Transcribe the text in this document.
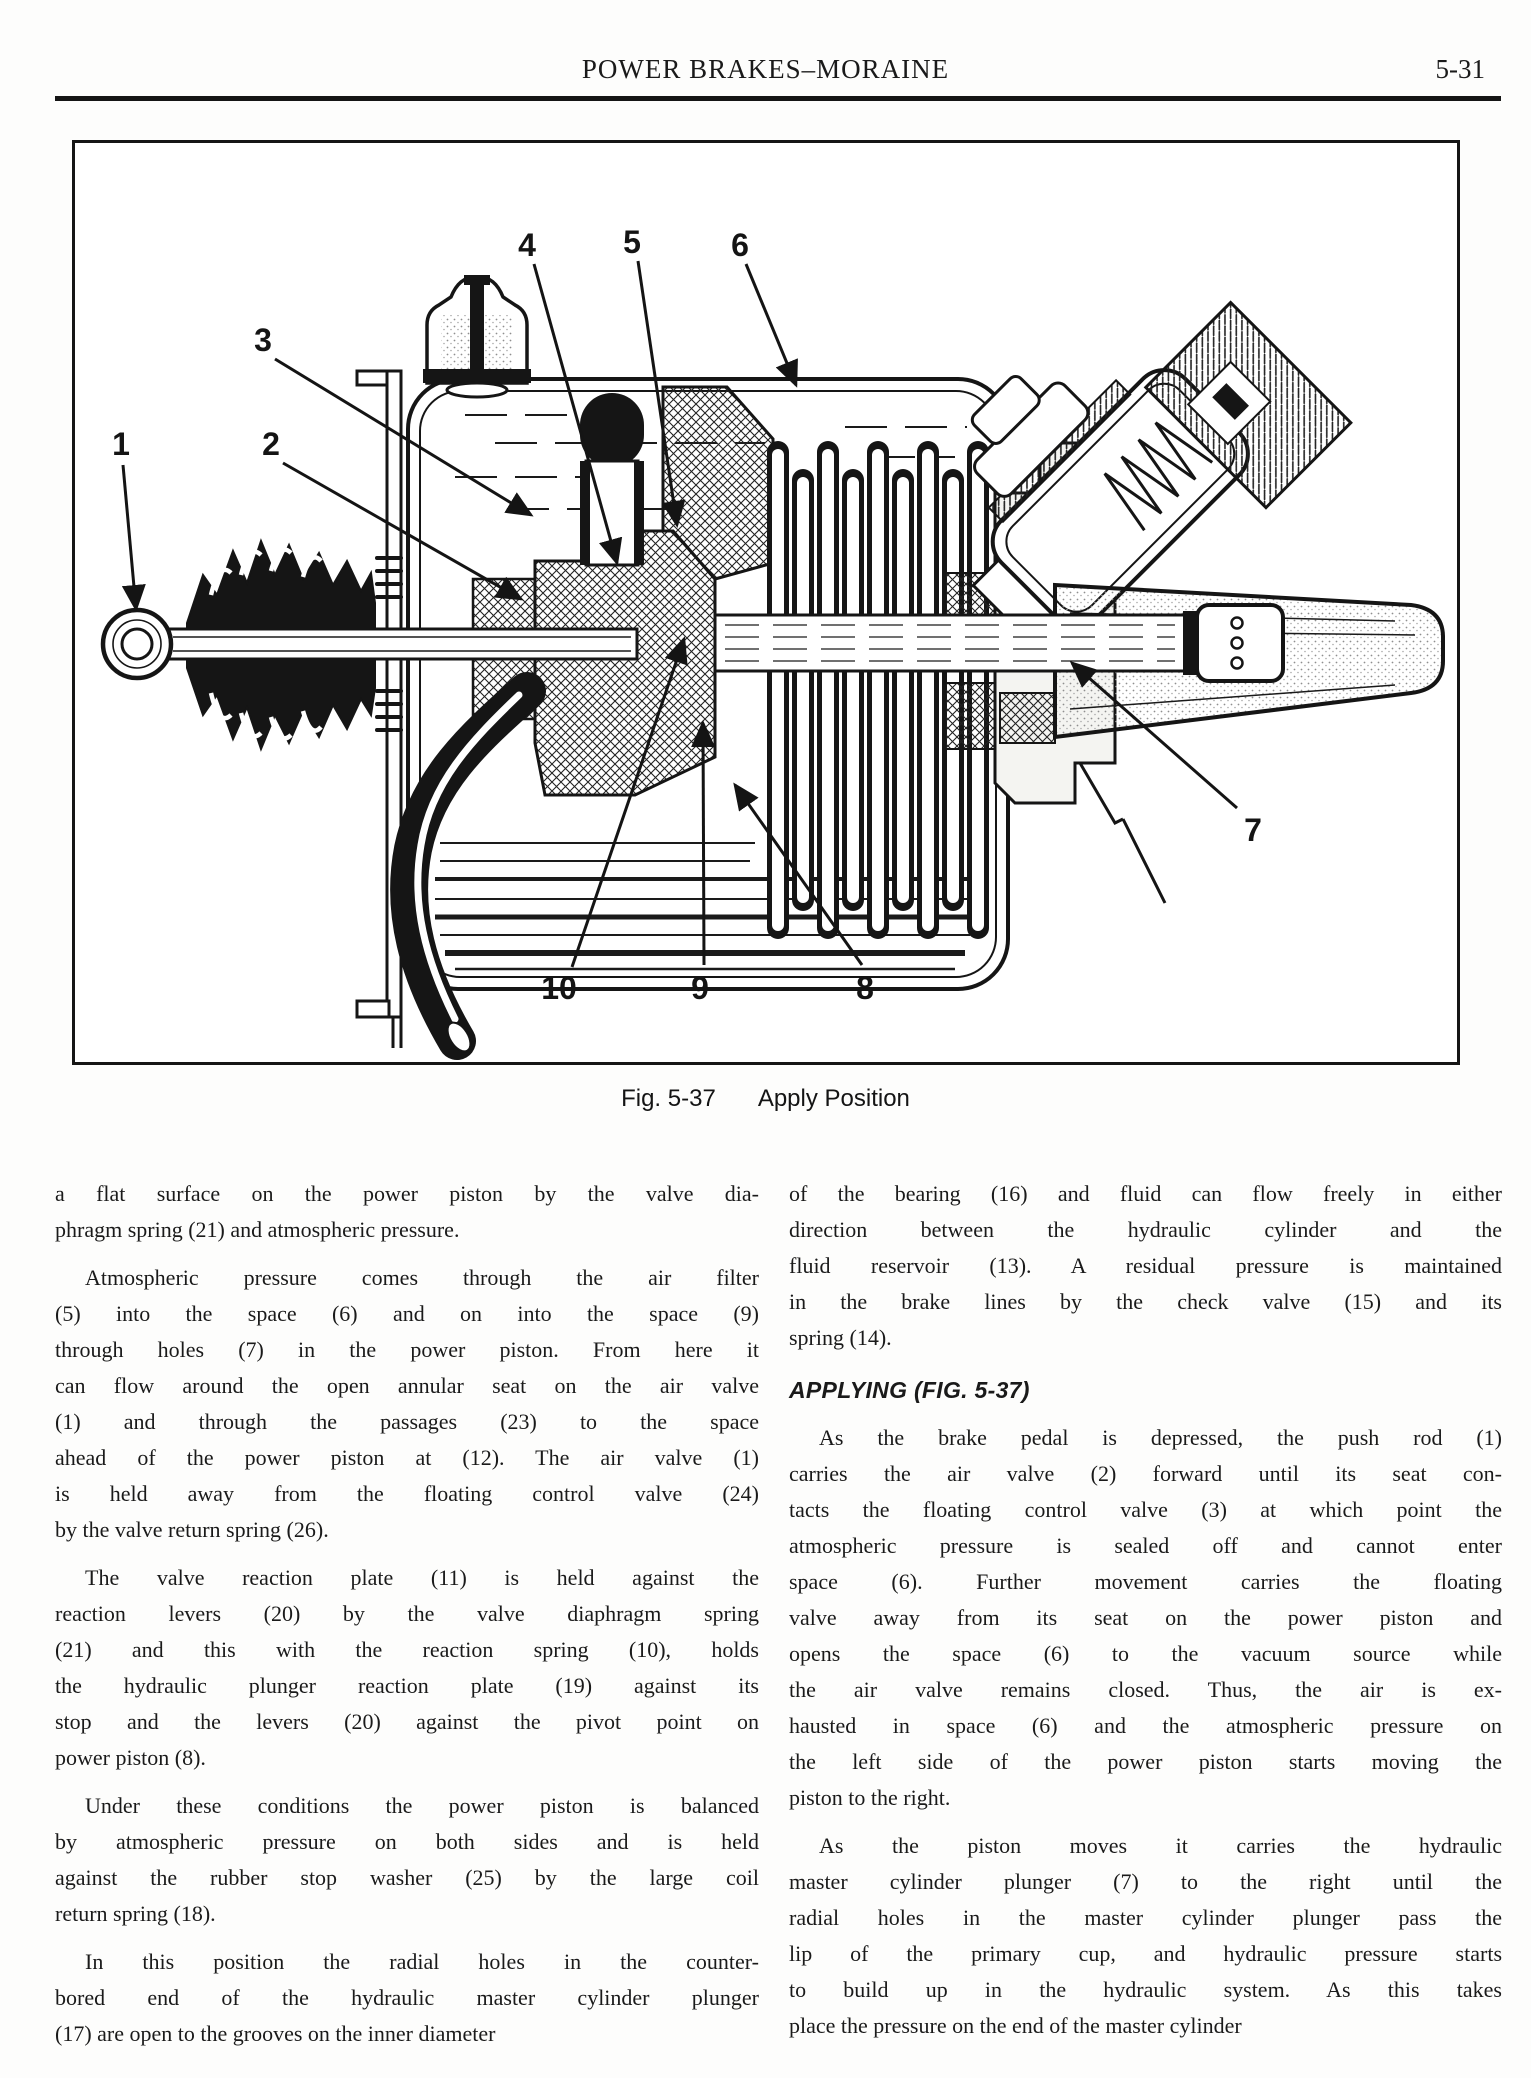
POWER BRAKES–MORAINE	5-31
1	2
3
4	5	6
7
8
9
10
Fig. 5-37 Apply Position
a flat surface on the power piston by the valve dia-
phragm spring (21) and atmospheric pressure.
Atmospheric pressure comes through the air filter
(5) into the space (6) and on into the space (9)
through holes (7) in the power piston. From here it
can flow around the open annular seat on the air valve
(1) and through the passages (23) to the space
ahead of the power piston at (12). The air valve (1)
is held away from the floating control valve (24)
by the valve return spring (26).
The valve reaction plate (11) is held against the
reaction levers (20) by the valve diaphragm spring
(21) and this with the reaction spring (10), holds
the hydraulic plunger reaction plate (19) against its
stop and the levers (20) against the pivot point on
power piston (8).
Under these conditions the power piston is balanced
by atmospheric pressure on both sides and is held
against the rubber stop washer (25) by the large coil
return spring (18).
In this position the radial holes in the counter-
bored end of the hydraulic master cylinder plunger
(17) are open to the grooves on the inner diameter
of the bearing (16) and fluid can flow freely in either
direction between the hydraulic cylinder and the
fluid reservoir (13). A residual pressure is maintained
in the brake lines by the check valve (15) and its
spring (14).
APPLYING (FIG. 5-37)
As the brake pedal is depressed, the push rod (1)
carries the air valve (2) forward until its seat con-
tacts the floating control valve (3) at which point the
atmospheric pressure is sealed off and cannot enter
space (6). Further movement carries the floating
valve away from its seat on the power piston and
opens the space (6) to the vacuum source while
the air valve remains closed. Thus, the air is ex-
hausted in space (6) and the atmospheric pressure on
the left side of the power piston starts moving the
piston to the right.
As the piston moves it carries the hydraulic
master cylinder plunger (7) to the right until the
radial holes in the master cylinder plunger pass the
lip of the primary cup, and hydraulic pressure starts
to build up in the hydraulic system. As this takes
place the pressure on the end of the master cylinder
